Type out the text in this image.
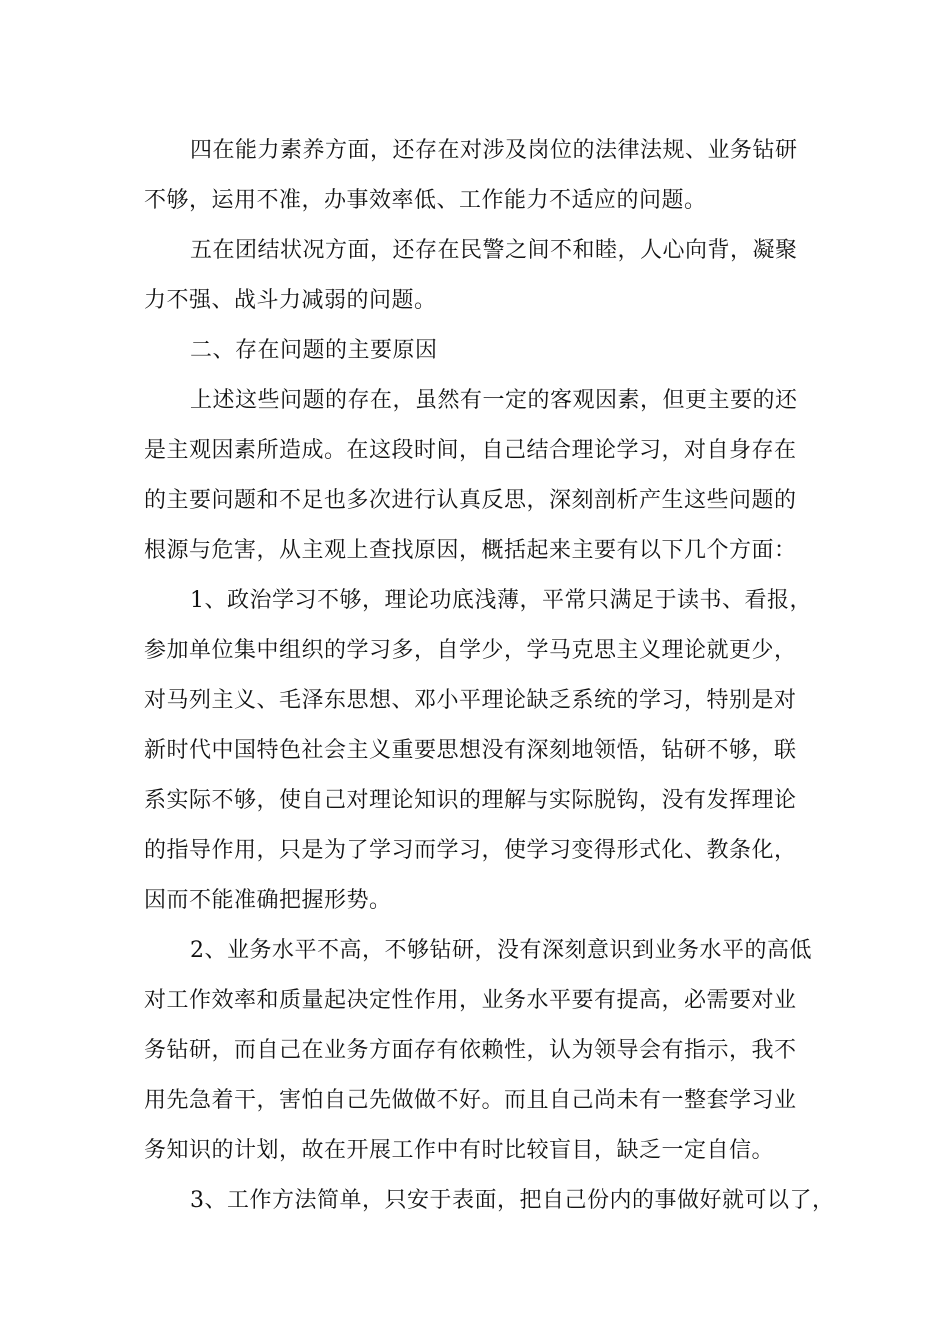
四在能力素养方面，还存在对涉及岗位的法律法规、业务钻研

不够，运用不准，办事效率低、工作能力不适应的问题。

五在团结状况方面，还存在民警之间不和睦，人心向背，凝聚

力不强、战斗力减弱的问题。

二、存在问题的主要原因

上述这些问题的存在，虽然有一定的客观因素，但更主要的还

是主观因素所造成。在这段时间，自己结合理论学习，对自身存在

的主要问题和不足也多次进行认真反思，深刻剖析产生这些问题的

根源与危害，从主观上查找原因，概括起来主要有以下几个方面：

1、政治学习不够，理论功底浅薄，平常只满足于读书、看报，

参加单位集中组织的学习多，自学少，学马克思主义理论就更少，

对马列主义、毛泽东思想、邓小平理论缺乏系统的学习，特别是对

新时代中国特色社会主义重要思想没有深刻地领悟，钻研不够，联

系实际不够，使自己对理论知识的理解与实际脱钩，没有发挥理论

的指导作用，只是为了学习而学习，使学习变得形式化、教条化，

因而不能准确把握形势。

2、业务水平不高，不够钻研，没有深刻意识到业务水平的高低

对工作效率和质量起决定性作用，业务水平要有提高，必需要对业

务钻研，而自己在业务方面存有依赖性，认为领导会有指示，我不

用先急着干，害怕自己先做做不好。而且自己尚未有一整套学习业

务知识的计划，故在开展工作中有时比较盲目，缺乏一定自信。

3、工作方法简单，只安于表面，把自己份内的事做好就可以了，
